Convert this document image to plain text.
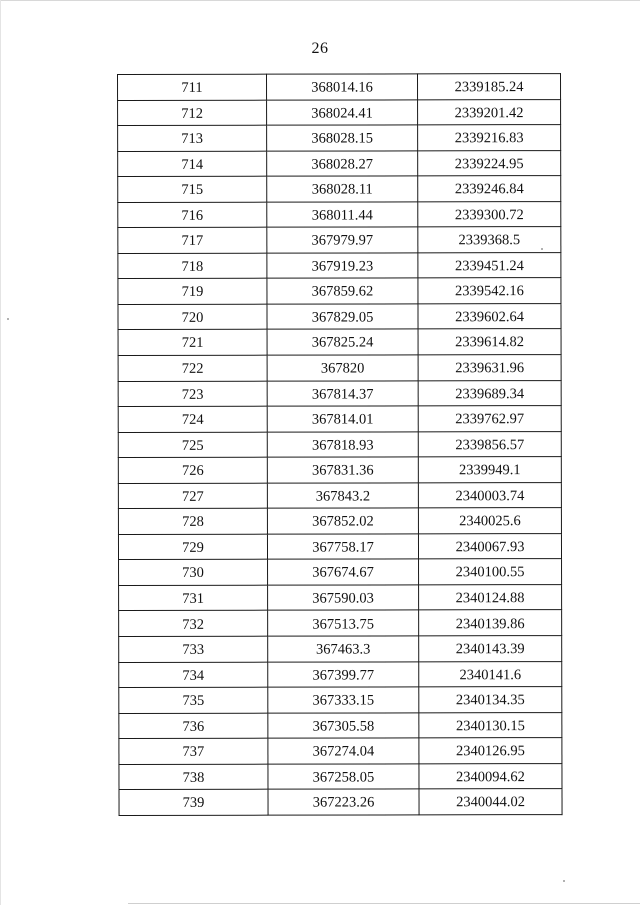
26
711	368014.16	2339185.24
712	368024.41	2339201.42
713	368028.15	2339216.83
714	368028.27	2339224.95
715	368028.11	2339246.84
716	368011.44	2339300.72
717	367979.97	2339368.5
718	367919.23	2339451.24
719	367859.62	2339542.16
720	367829.05	2339602.64
721	367825.24	2339614.82
722	367820	2339631.96
723	367814.37	2339689.34
724	367814.01	2339762.97
725	367818.93	2339856.57
726	367831.36	2339949.1
727	367843.2	2340003.74
728	367852.02	2340025.6
729	367758.17	2340067.93
730	367674.67	2340100.55
731	367590.03	2340124.88
732	367513.75	2340139.86
733	367463.3	2340143.39
734	367399.77	2340141.6
735	367333.15	2340134.35
736	367305.58	2340130.15
737	367274.04	2340126.95
738	367258.05	2340094.62
739	367223.26	2340044.02
